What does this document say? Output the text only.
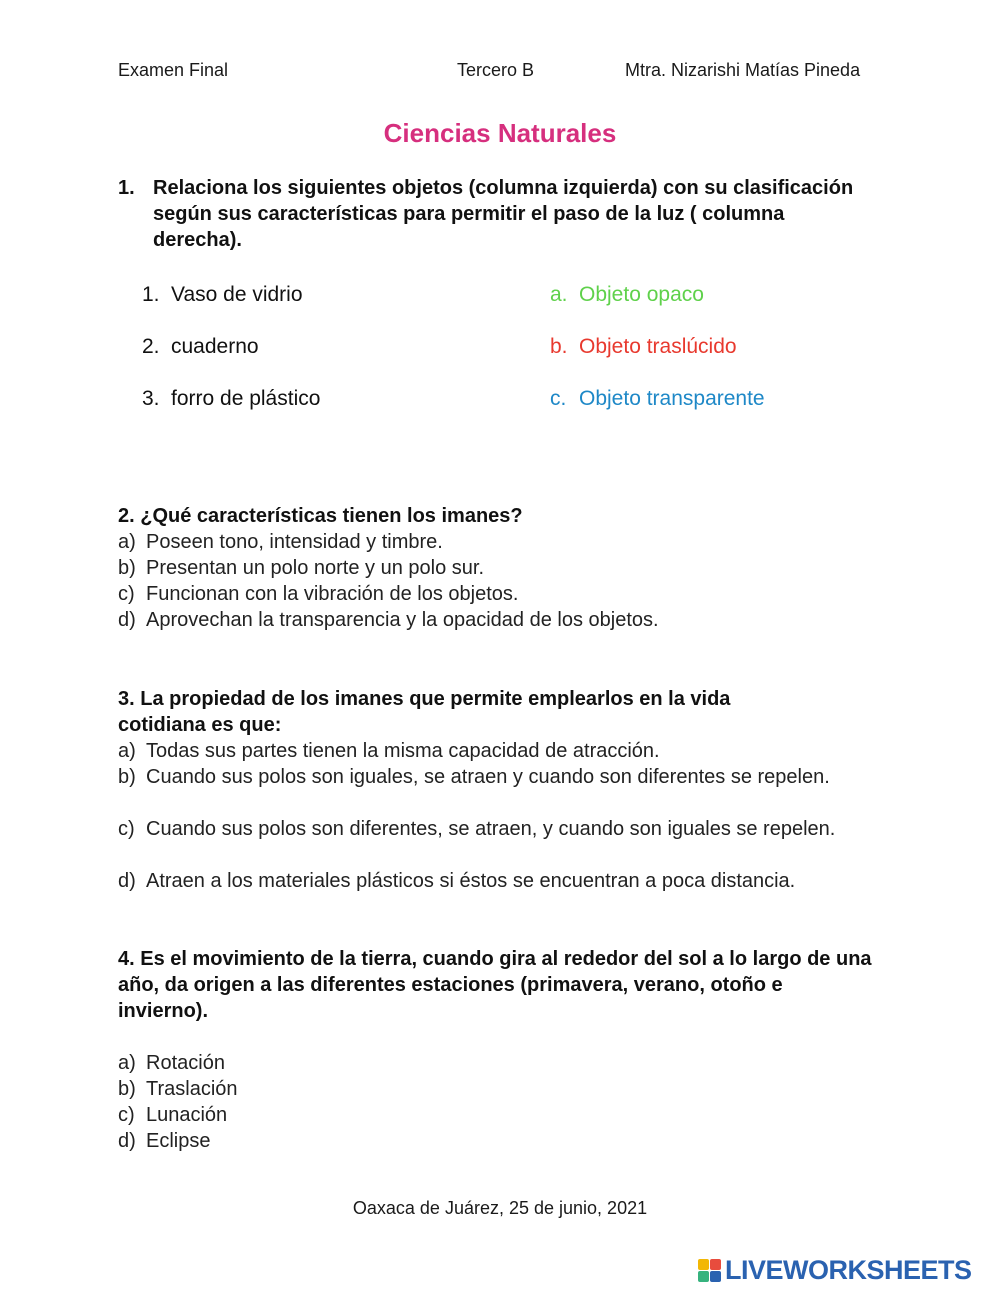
Examen Final	Tercero B	Mtra. Nizarishi Matías Pineda
Ciencias Naturales
1. Relaciona los siguientes objetos (columna izquierda) con su clasificación según sus características para permitir el paso de la luz ( columna derecha).
1. Vaso de vidrio
2. cuaderno
3. forro de plástico
a. Objeto opaco
b. Objeto traslúcido
c. Objeto transparente
2. ¿Qué características tienen los imanes?
a) Poseen tono, intensidad y timbre.
b) Presentan un polo norte y un polo sur.
c) Funcionan con la vibración de los objetos.
d) Aprovechan la transparencia y la opacidad de los objetos.
3. La propiedad de los imanes que permite emplearlos en la vida cotidiana es que:
a) Todas sus partes tienen la misma capacidad de atracción.
b) Cuando sus polos son iguales, se atraen y cuando son diferentes se repelen.
c) Cuando sus polos son diferentes, se atraen, y cuando son iguales se repelen.
d) Atraen a los materiales plásticos si éstos se encuentran a poca distancia.
4. Es el movimiento de la tierra, cuando gira al rededor del sol a lo largo de una año, da origen a las diferentes estaciones (primavera, verano, otoño e invierno).
a) Rotación
b) Traslación
c) Lunación
d) Eclipse
Oaxaca de Juárez, 25 de junio, 2021
LIVEWORKSHEETS
